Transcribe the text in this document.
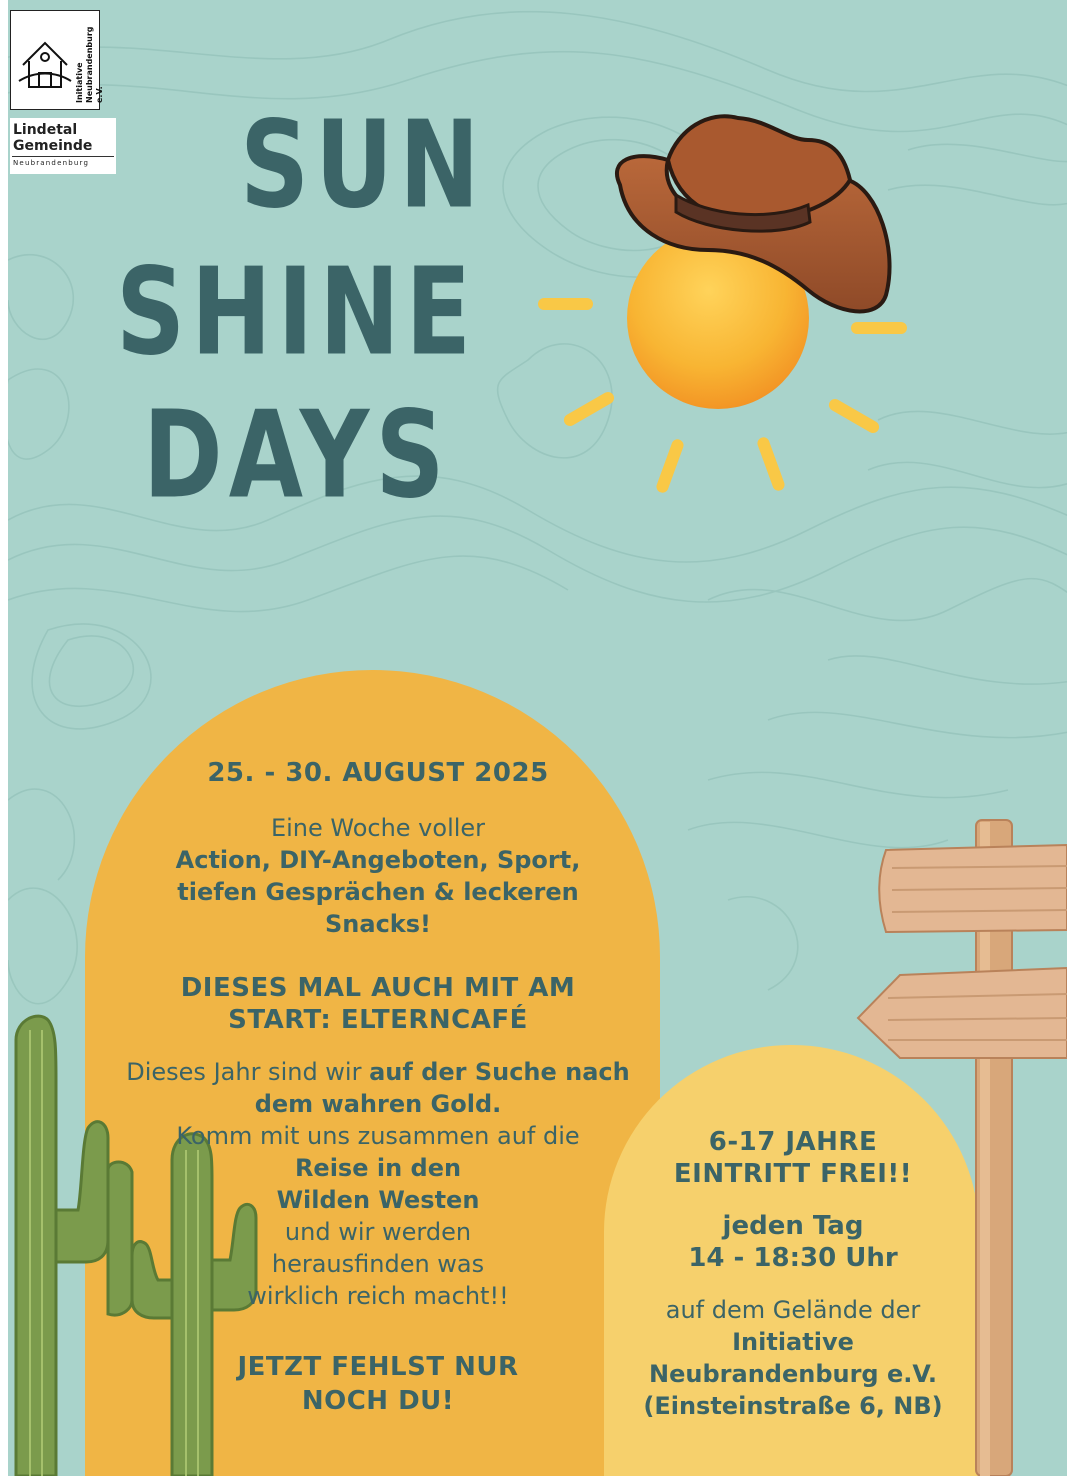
Initiative Neubrandenburg e.V.
Lindetal
Gemeinde
Neubrandenburg SUN
SHINE
DAYS
25. - 30. AUGUST 2025
Eine Woche voller
Action, DIY-Angeboten, Sport, tiefen Gesprächen & leckeren Snacks!
DIESES MAL AUCH MIT AM
START: ELTERNCAFÉ
Dieses Jahr sind wir auf der Suche nach dem wahren Gold.
Komm mit uns zusammen auf die
Reise in den
Wilden Westen
und wir werden
herausfinden was
wirklich reich macht!!
JETZT FEHLST NUR
NOCH DU!
6-17 JAHRE
EINTRITT FREI!!
jeden Tag
14 - 18:30 Uhr
auf dem Gelände der
Initiative
Neubrandenburg e.V.
(Einsteinstraße 6, NB)
